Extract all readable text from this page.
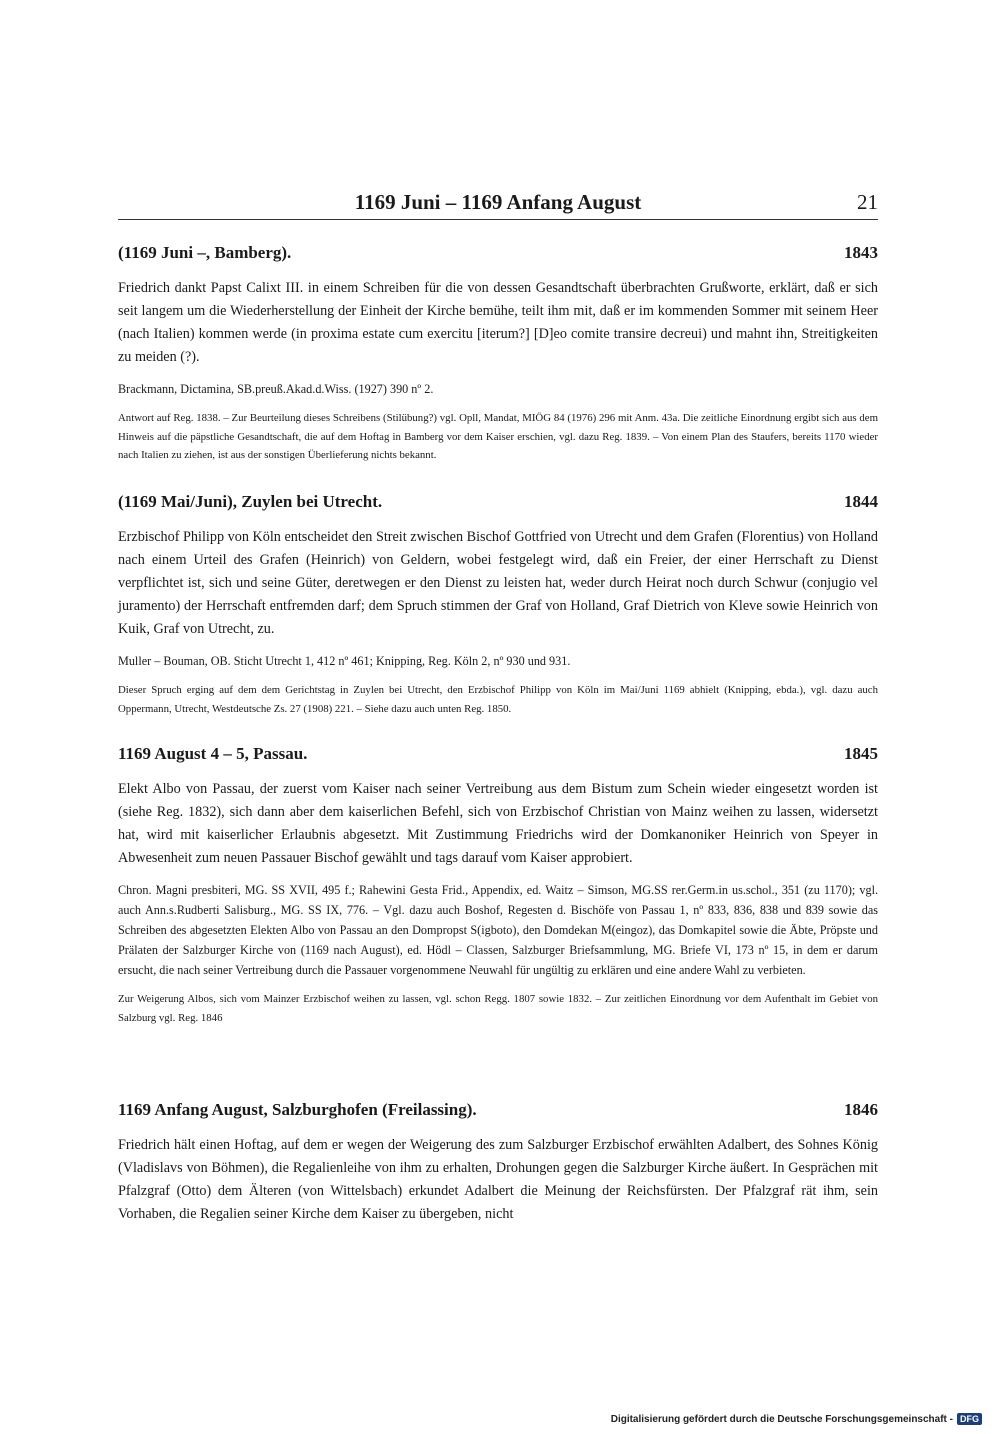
1169 Juni – 1169 Anfang August	21
(1169 Juni –, Bamberg).	1843

Friedrich dankt Papst Calixt III. in einem Schreiben für die von dessen Gesandtschaft überbrachten Grußworte, erklärt, daß er sich seit langem um die Wiederherstellung der Einheit der Kirche bemühe, teilt ihm mit, daß er im kommenden Sommer mit seinem Heer (nach Italien) kommen werde (in proxima estate cum exercitu [iterum?] [D]eo comite transire decreui) und mahnt ihn, Streitigkeiten zu meiden (?).

Brackmann, Dictamina, SB.preuß.Akad.d.Wiss. (1927) 390 nº 2.

Antwort auf Reg. 1838. – Zur Beurteilung dieses Schreibens (Stilübung?) vgl. Opll, Mandat, MIÖG 84 (1976) 296 mit Anm. 43a. Die zeitliche Einordnung ergibt sich aus dem Hinweis auf die päpstliche Gesandtschaft, die auf dem Hoftag in Bamberg vor dem Kaiser erschien, vgl. dazu Reg. 1839. – Von einem Plan des Staufers, bereits 1170 wieder nach Italien zu ziehen, ist aus der sonstigen Überlieferung nichts bekannt.

(1169 Mai/Juni), Zuylen bei Utrecht.	1844

Erzbischof Philipp von Köln entscheidet den Streit zwischen Bischof Gottfried von Utrecht und dem Grafen (Florentius) von Holland nach einem Urteil des Grafen (Heinrich) von Geldern, wobei festgelegt wird, daß ein Freier, der einer Herrschaft zu Dienst verpflichtet ist, sich und seine Güter, deretwegen er den Dienst zu leisten hat, weder durch Heirat noch durch Schwur (conjugio vel juramento) der Herrschaft entfremden darf; dem Spruch stimmen der Graf von Holland, Graf Dietrich von Kleve sowie Heinrich von Kuik, Graf von Utrecht, zu.

Muller – Bouman, OB. Sticht Utrecht 1, 412 nº 461; Knipping, Reg. Köln 2, nº 930 und 931.

Dieser Spruch erging auf dem dem Gerichtstag in Zuylen bei Utrecht, den Erzbischof Philipp von Köln im Mai/Juni 1169 abhielt (Knipping, ebda.), vgl. dazu auch Oppermann, Utrecht, Westdeutsche Zs. 27 (1908) 221. – Siehe dazu auch unten Reg. 1850.

1169 August 4 – 5, Passau.	1845

Elekt Albo von Passau, der zuerst vom Kaiser nach seiner Vertreibung aus dem Bistum zum Schein wieder eingesetzt worden ist (siehe Reg. 1832), sich dann aber dem kaiserlichen Befehl, sich von Erzbischof Christian von Mainz weihen zu lassen, widersetzt hat, wird mit kaiserlicher Erlaubnis abgesetzt. Mit Zustimmung Friedrichs wird der Domkanoniker Heinrich von Speyer in Abwesenheit zum neuen Passauer Bischof gewählt und tags darauf vom Kaiser approbiert.

Chron. Magni presbiteri, MG. SS XVII, 495 f.; Rahewini Gesta Frid., Appendix, ed. Waitz – Simson, MG.SS rer.Germ.in us.schol., 351 (zu 1170); vgl. auch Ann.s.Rudberti Salisburg., MG. SS IX, 776. – Vgl. dazu auch Boshof, Regesten d. Bischöfe von Passau 1, nº 833, 836, 838 und 839 sowie das Schreiben des abgesetzten Elekten Albo von Passau an den Dompropst S(igboto), den Domdekan M(eingoz), das Domkapitel sowie die Äbte, Pröpste und Prälaten der Salzburger Kirche von (1169 nach August), ed. Hödl – Classen, Salzburger Briefsammlung, MG. Briefe VI, 173 nº 15, in dem er darum ersucht, die nach seiner Vertreibung durch die Passauer vorgenommene Neuwahl für ungültig zu erklären und eine andere Wahl zu verbieten.

Zur Weigerung Albos, sich vom Mainzer Erzbischof weihen zu lassen, vgl. schon Regg. 1807 sowie 1832. – Zur zeitlichen Einordnung vor dem Aufenthalt im Gebiet von Salzburg vgl. Reg. 1846

1169 Anfang August, Salzburghofen (Freilassing).	1846

Friedrich hält einen Hoftag, auf dem er wegen der Weigerung des zum Salzburger Erzbischof erwählten Adalbert, des Sohnes König (Vladislavs von Böhmen), die Regalienleihe von ihm zu erhalten, Drohungen gegen die Salzburger Kirche äußert. In Gesprächen mit Pfalzgraf (Otto) dem Älteren (von Wittelsbach) erkundet Adalbert die Meinung der Reichsfürsten. Der Pfalzgraf rät ihm, sein Vorhaben, die Regalien seiner Kirche dem Kaiser zu übergeben, nicht

Digitalisierung gefördert durch die Deutsche Forschungsgemeinschaft - DFG
